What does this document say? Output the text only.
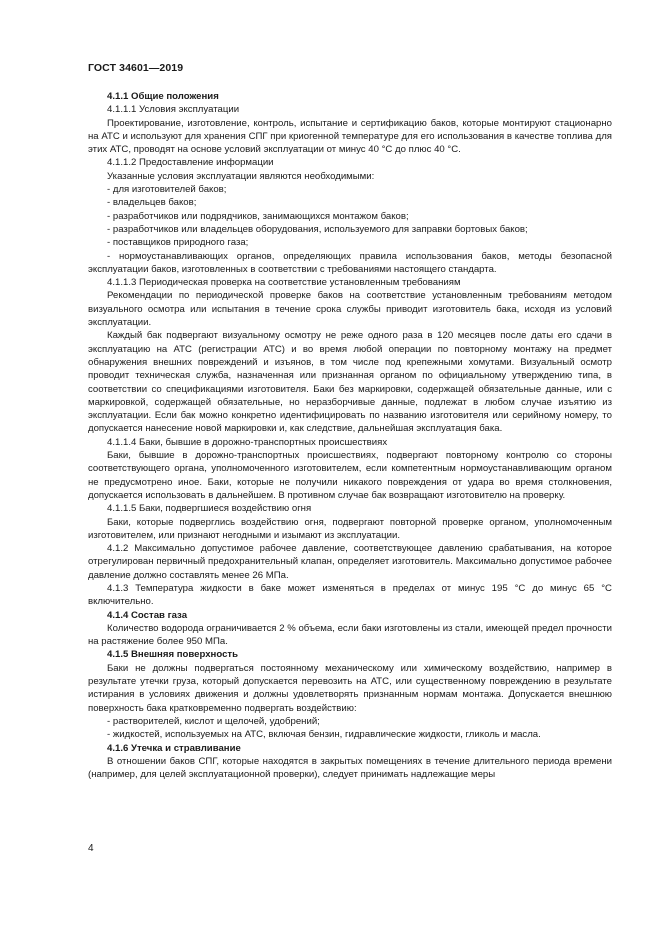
ГОСТ 34601—2019

4.1.1 Общие положения

4.1.1.1 Условия эксплуатации

Проектирование, изготовление, контроль, испытание и сертификацию баков, которые монтируют стационарно на АТС и используют для хранения СПГ при криогенной температуре для его использования в качестве топлива для этих АТС, проводят на основе условий эксплуатации от минус 40 °С до плюс 40 °С.

4.1.1.2 Предоставление информации

Указанные условия эксплуатации являются необходимыми:

- для изготовителей баков;

- владельцев баков;

- разработчиков или подрядчиков, занимающихся монтажом баков;

- разработчиков или владельцев оборудования, используемого для заправки бортовых баков;

- поставщиков природного газа;

- нормоустанавливающих органов, определяющих правила использования баков, методы безопасной эксплуатации баков, изготовленных в соответствии с требованиями настоящего стандарта.

4.1.1.3 Периодическая проверка на соответствие установленным требованиям

Рекомендации по периодической проверке баков на соответствие установленным требованиям методом визуального осмотра или испытания в течение срока службы приводит изготовитель бака, исходя из условий эксплуатации.

Каждый бак подвергают визуальному осмотру не реже одного раза в 120 месяцев после даты его сдачи в эксплуатацию на АТС (регистрации АТС) и во время любой операции по повторному монтажу на предмет обнаружения внешних повреждений и изъянов, в том числе под крепежными хомутами. Визуальный осмотр проводит техническая служба, назначенная или признанная органом по официальному утверждению типа, в соответствии со спецификациями изготовителя. Баки без маркировки, содержащей обязательные данные, или с маркировкой, содержащей обязательные, но неразборчивые данные, подлежат в любом случае изъятию из эксплуатации. Если бак можно конкретно идентифицировать по названию изготовителя или серийному номеру, то допускается нанесение новой маркировки и, как следствие, дальнейшая эксплуатация бака.

4.1.1.4 Баки, бывшие в дорожно-транспортных происшествиях

Баки, бывшие в дорожно-транспортных происшествиях, подвергают повторному контролю со стороны соответствующего органа, уполномоченного изготовителем, если компетентным нормоустанавливающим органом не предусмотрено иное. Баки, которые не получили никакого повреждения от удара во время столкновения, допускается использовать в дальнейшем. В противном случае бак возвращают изготовителю на проверку.

4.1.1.5 Баки, подвергшиеся воздействию огня

Баки, которые подверглись воздействию огня, подвергают повторной проверке органом, уполномоченным изготовителем, или признают негодными и изымают из эксплуатации.

4.1.2 Максимально допустимое рабочее давление, соответствующее давлению срабатывания, на которое отрегулирован первичный предохранительный клапан, определяет изготовитель. Максимально допустимое рабочее давление должно составлять менее 26 МПа.

4.1.3 Температура жидкости в баке может изменяться в пределах от минус 195 °С до минус 65 °С включительно.

4.1.4 Состав газа

Количество водорода ограничивается 2 % объема, если баки изготовлены из стали, имеющей предел прочности на растяжение более 950 МПа.

4.1.5 Внешняя поверхность

Баки не должны подвергаться постоянному механическому или химическому воздействию, например в результате утечки груза, который допускается перевозить на АТС, или существенному повреждению в результате истирания в условиях движения и должны удовлетворять признанным нормам монтажа. Допускается внешнюю поверхность бака кратковременно подвергать воздействию:

- растворителей, кислот и щелочей, удобрений;

- жидкостей, используемых на АТС, включая бензин, гидравлические жидкости, гликоль и масла.

4.1.6 Утечка и стравливание

В отношении баков СПГ, которые находятся в закрытых помещениях в течение длительного периода времени (например, для целей эксплуатационной проверки), следует принимать надлежащие меры

4
